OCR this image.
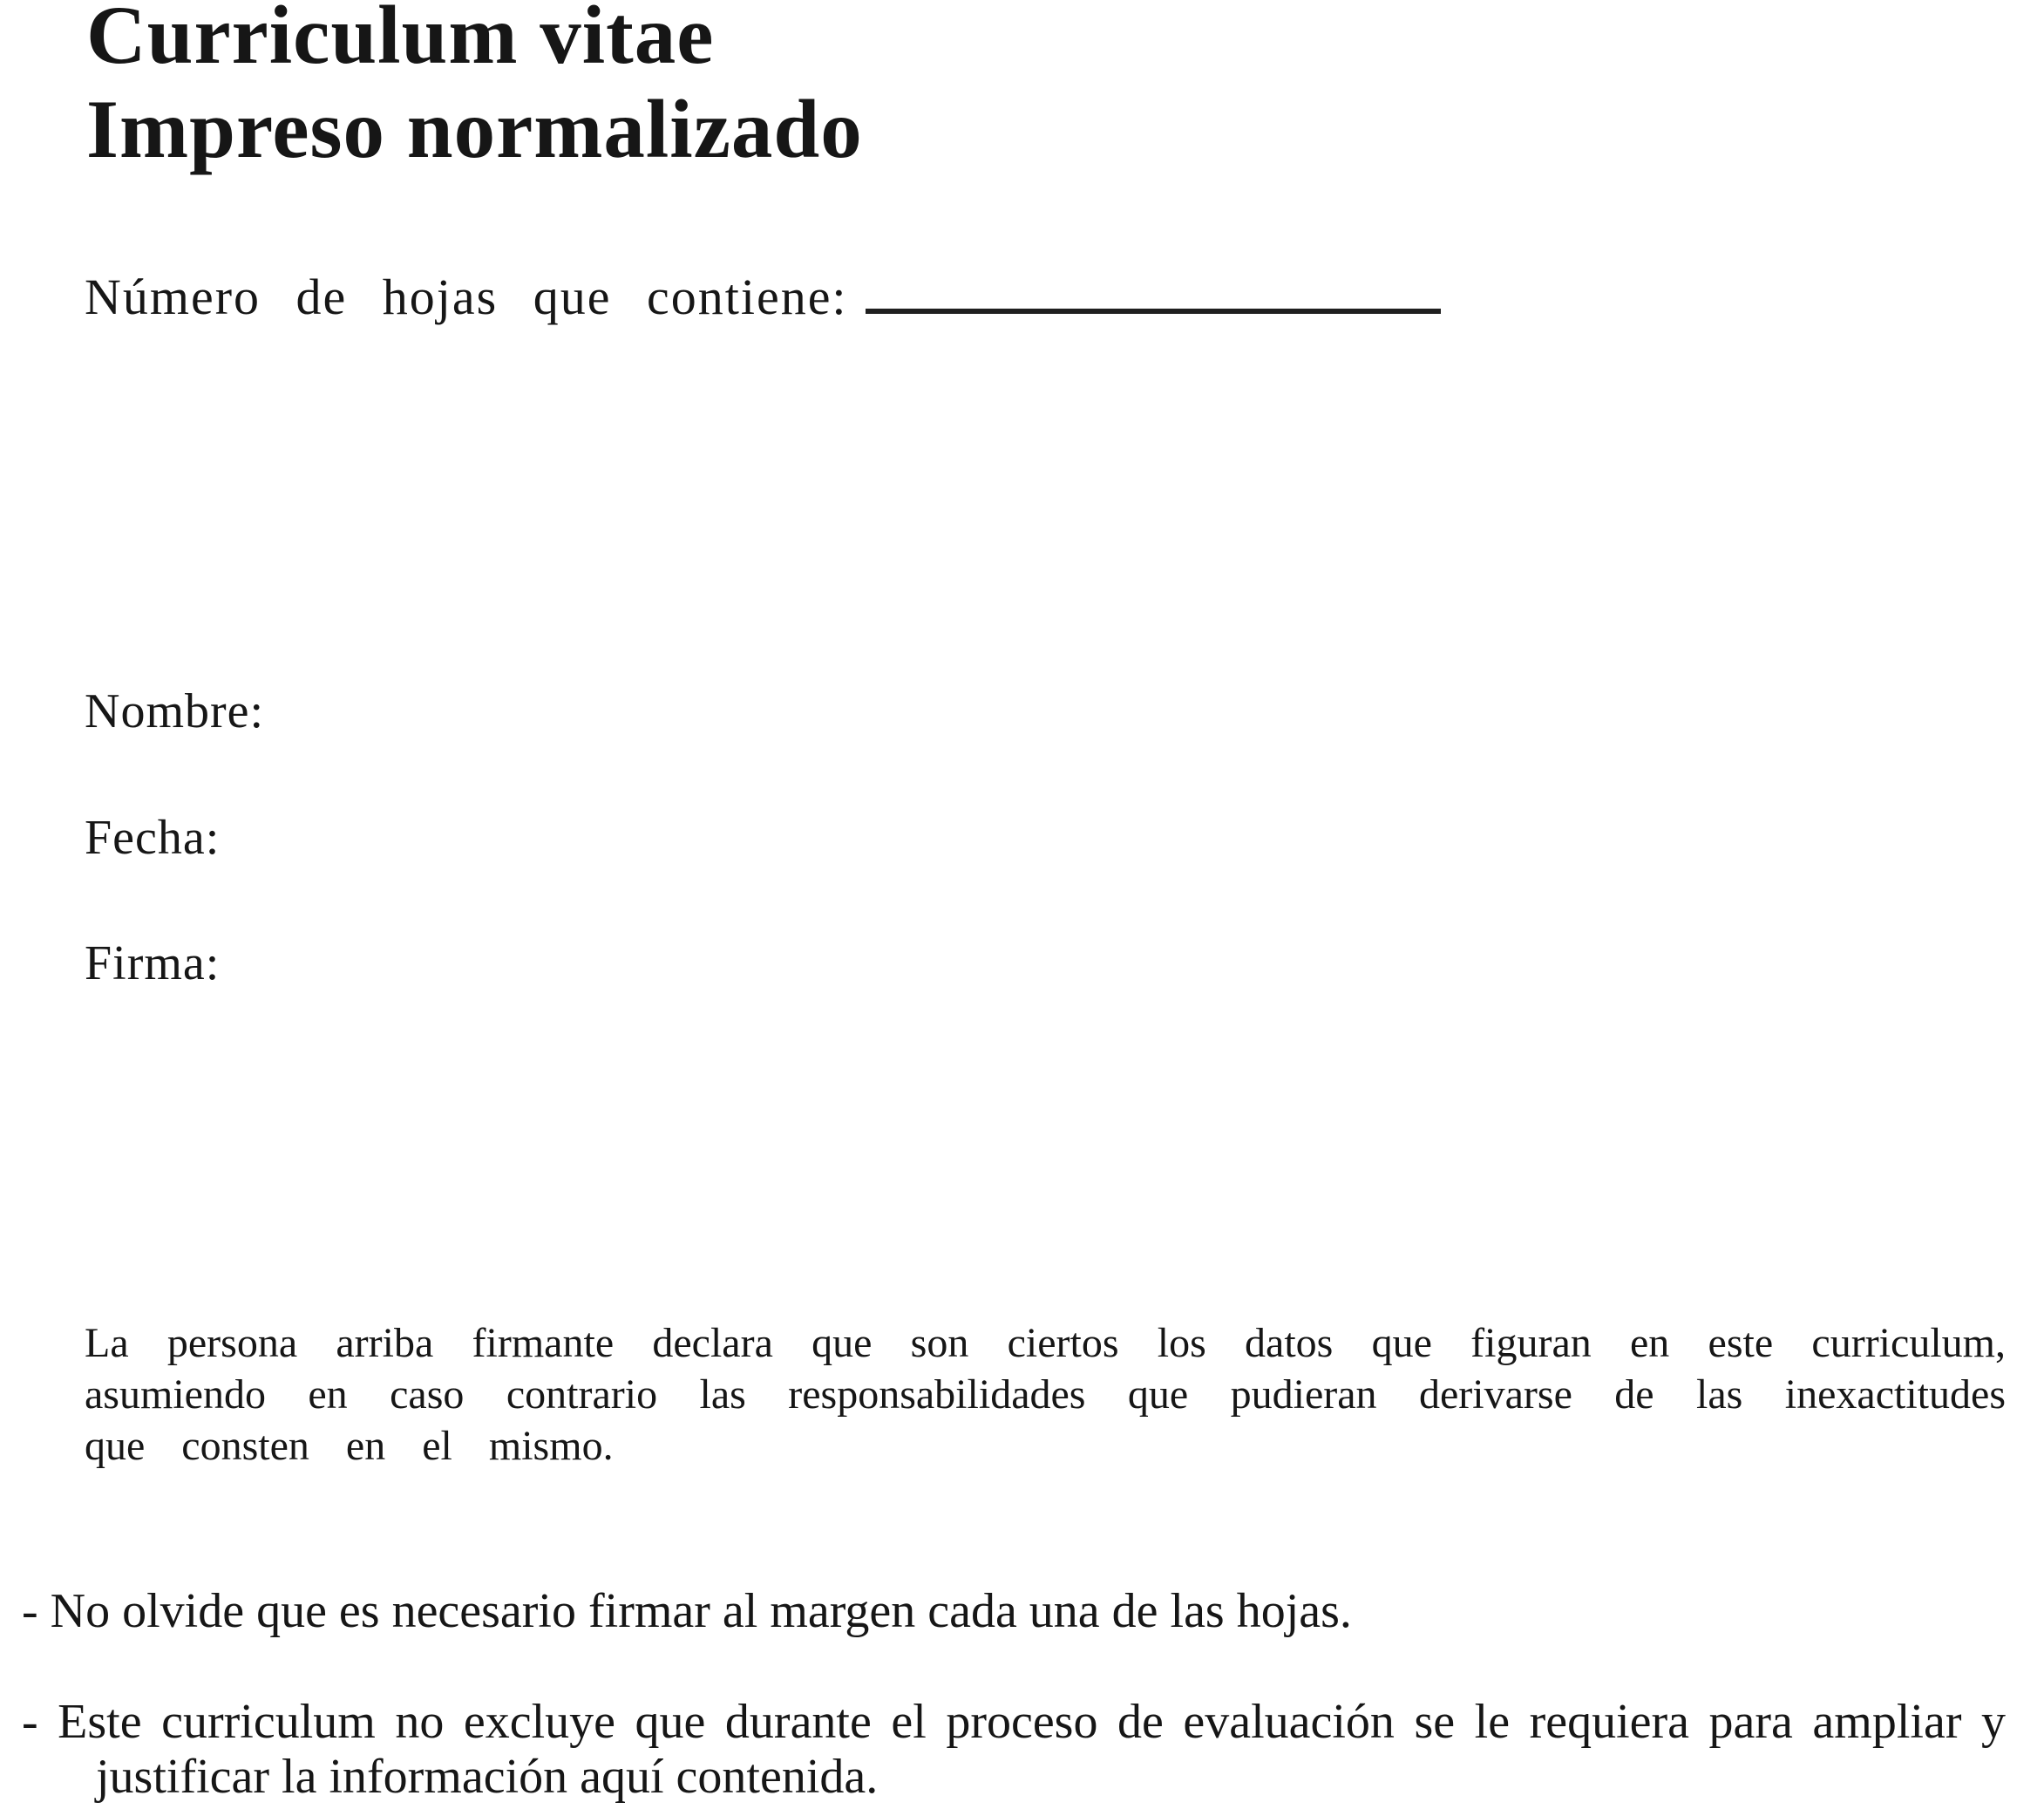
Curriculum vitae
Impreso normalizado
Número de hojas que contiene:
Nombre:
Fecha:
Firma:

La persona arriba firmante declara que son ciertos los datos que figuran en este curriculum, asumiendo en caso contrario las responsabilidades que pudieran derivarse de las inexactitudes que consten en el mismo.

- No olvide que es necesario firmar al margen cada una de las hojas.

- Este curriculum no excluye que durante el proceso de evaluación se le requiera para ampliar y justificar la información aquí contenida.
